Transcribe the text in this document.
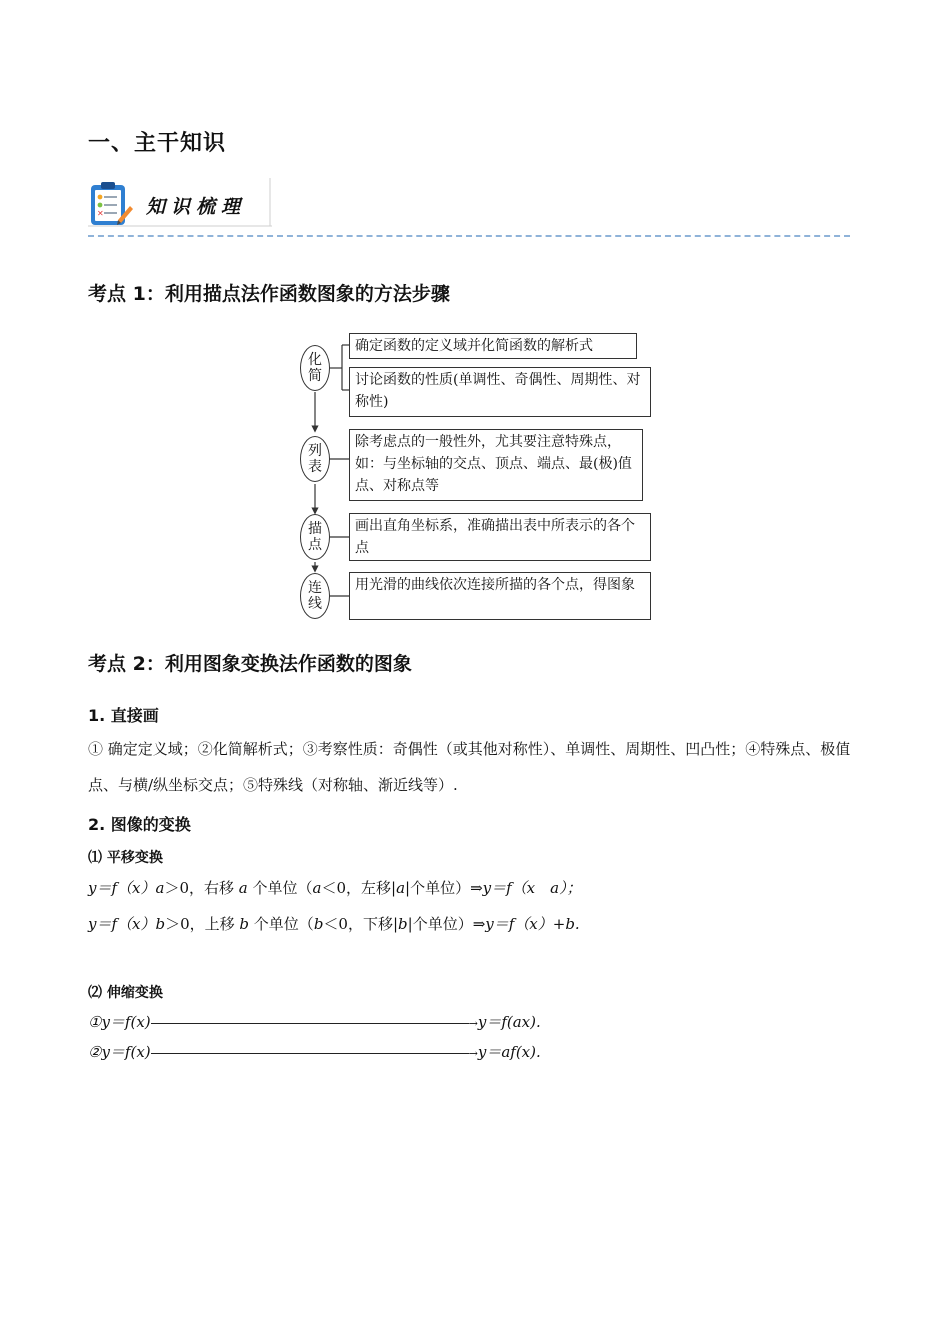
一、主干知识
✕ 知识梳理
考点 1：利用描点法作函数图象的方法步骤
化简
列表
描点
连线
确定函数的定义域并化简函数的解析式
讨论函数的性质(单调性、奇偶性、周期性、对称性)
除考虑点的一般性外，尤其要注意特殊点，如：与坐标轴的交点、顶点、端点、最(极)值点、对称点等
画出直角坐标系，准确描出表中所表示的各个点
用光滑的曲线依次连接所描的各个点，得图象
考点 2：利用图象变换法作函数的图象
1. 直接画
① 确定定义域；②化简解析式；③考察性质：奇偶性（或其他对称性）、单调性、周期性、凹凸性；④特殊点、极值点、与横/纵坐标交点；⑤特殊线（对称轴、渐近线等）.
2. 图像的变换
⑴ 平移变换
y＝f（x）a＞0，右移 a 个单位（a＜0，左移|a|个单位）⇒y＝f（x　a）；
y＝f（x）b＞0，上移 b 个单位（b＜0，下移|b|个单位）⇒y＝f（x）+b.
⑵ 伸缩变换
①y＝f(x)	→y＝f(ax).
②y＝f(x)	→y＝af(x).
